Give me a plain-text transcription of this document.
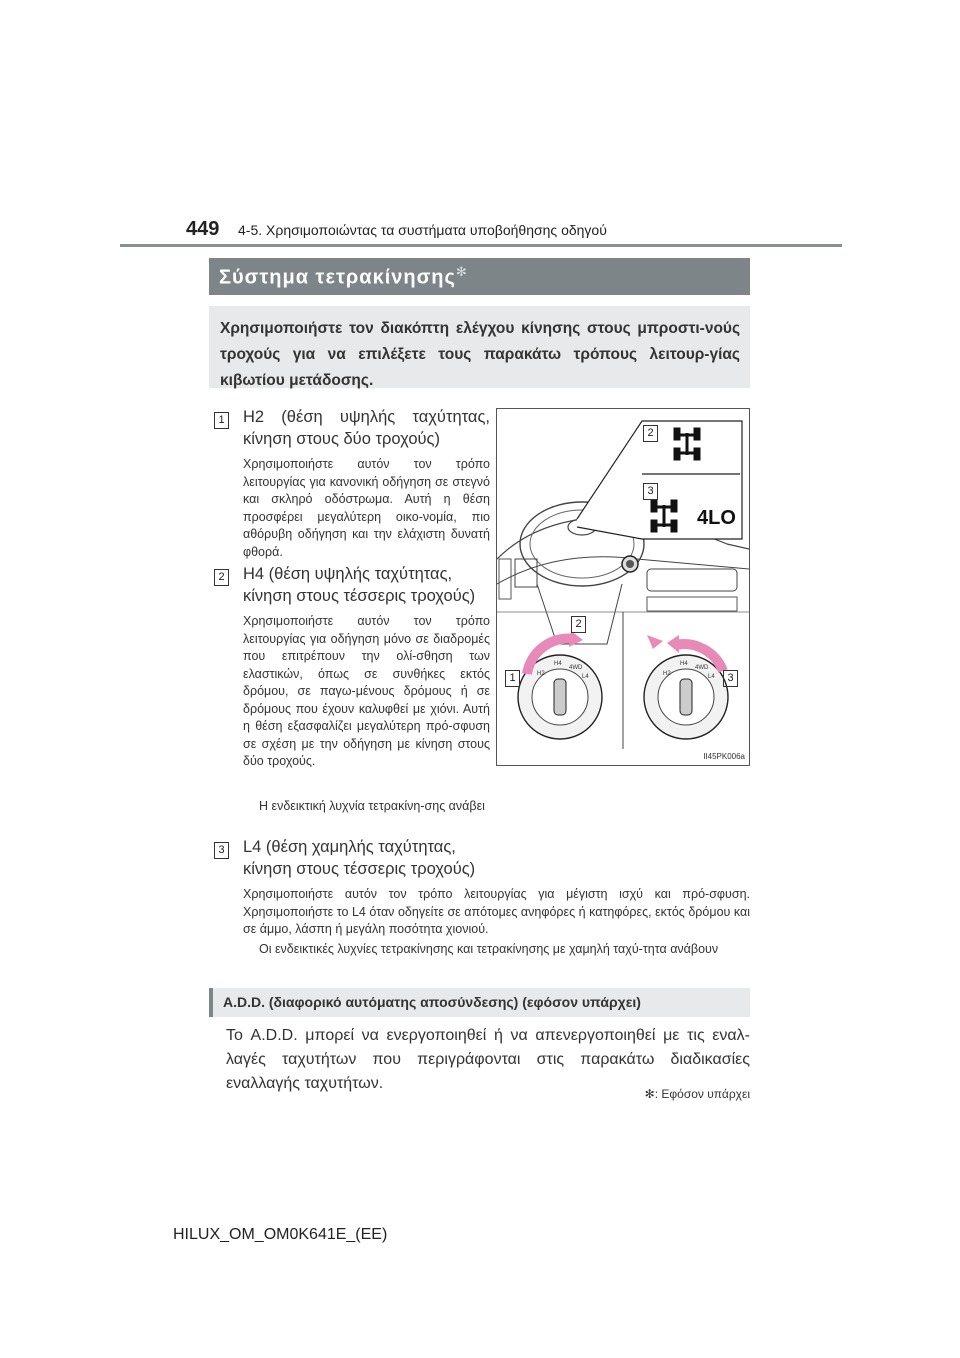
449 4-5. Χρησιμοποιώντας τα συστήματα υποβοήθησης οδηγού
Σύστημα τετρακίνησης✻
Χρησιμοποιήστε τον διακόπτη ελέγχου κίνησης στους μπροστι-νούς τροχούς για να επιλέξετε τους παρακάτω τρόπους λειτουρ-γίας κιβωτίου μετάδοσης.
1 H2 (θέση υψηλής ταχύτητας, κίνηση στους δύο τροχούς)
Χρησιμοποιήστε αυτόν τον τρόπο λειτουργίας για κανονική οδήγηση σε στεγνό και σκληρό οδόστρωμα. Αυτή η θέση προσφέρει μεγαλύτερη οικο-νομία, πιο αθόρυβη οδήγηση και την ελάχιστη δυνατή φθορά.
2 H4 (θέση υψηλής ταχύτητας, κίνηση στους τέσσερις τροχούς)
Χρησιμοποιήστε αυτόν τον τρόπο λειτουργίας για οδήγηση μόνο σε διαδρομές που επιτρέπουν την ολί-σθηση των ελαστικών, όπως σε συνθήκες εκτός δρόμου, σε παγω-μένους δρόμους ή σε δρόμους που έχουν καλυφθεί με χιόνι. Αυτή η θέση εξασφαλίζει μεγαλύτερη πρό-σφυση σε σχέση με την οδήγηση με κίνηση στους δύο τροχούς.
Η ενδεικτική λυχνία τετρακίνη-σης ανάβει
3 L4 (θέση χαμηλής ταχύτητας, κίνηση στους τέσσερις τροχούς)
Χρησιμοποιήστε αυτόν τον τρόπο λειτουργίας για μέγιστη ισχύ και πρό-σφυση. Χρησιμοποιήστε το L4 όταν οδηγείτε σε απότομες ανηφόρες ή κατηφόρες, εκτός δρόμου και σε άμμο, λάσπη ή μεγάλη ποσότητα χιονιού.
Οι ενδεικτικές λυχνίες τετρακίνησης και τετρακίνησης με χαμηλή ταχύ-τητα ανάβουν
2
3
4LO
2
1	3
H2
H4
4WD
L4	H2
H4
4WD
L4
II45PK006a
A.D.D. (διαφορικό αυτόματης αποσύνδεσης) (εφόσον υπάρχει)
Το A.D.D. μπορεί να ενεργοποιηθεί ή να απενεργοποιηθεί με τις εναλ-λαγές ταχυτήτων που περιγράφονται στις παρακάτω διαδικασίες εναλλαγής ταχυτήτων.
✻: Εφόσον υπάρχει
HILUX_OM_OM0K641E_(EE)
